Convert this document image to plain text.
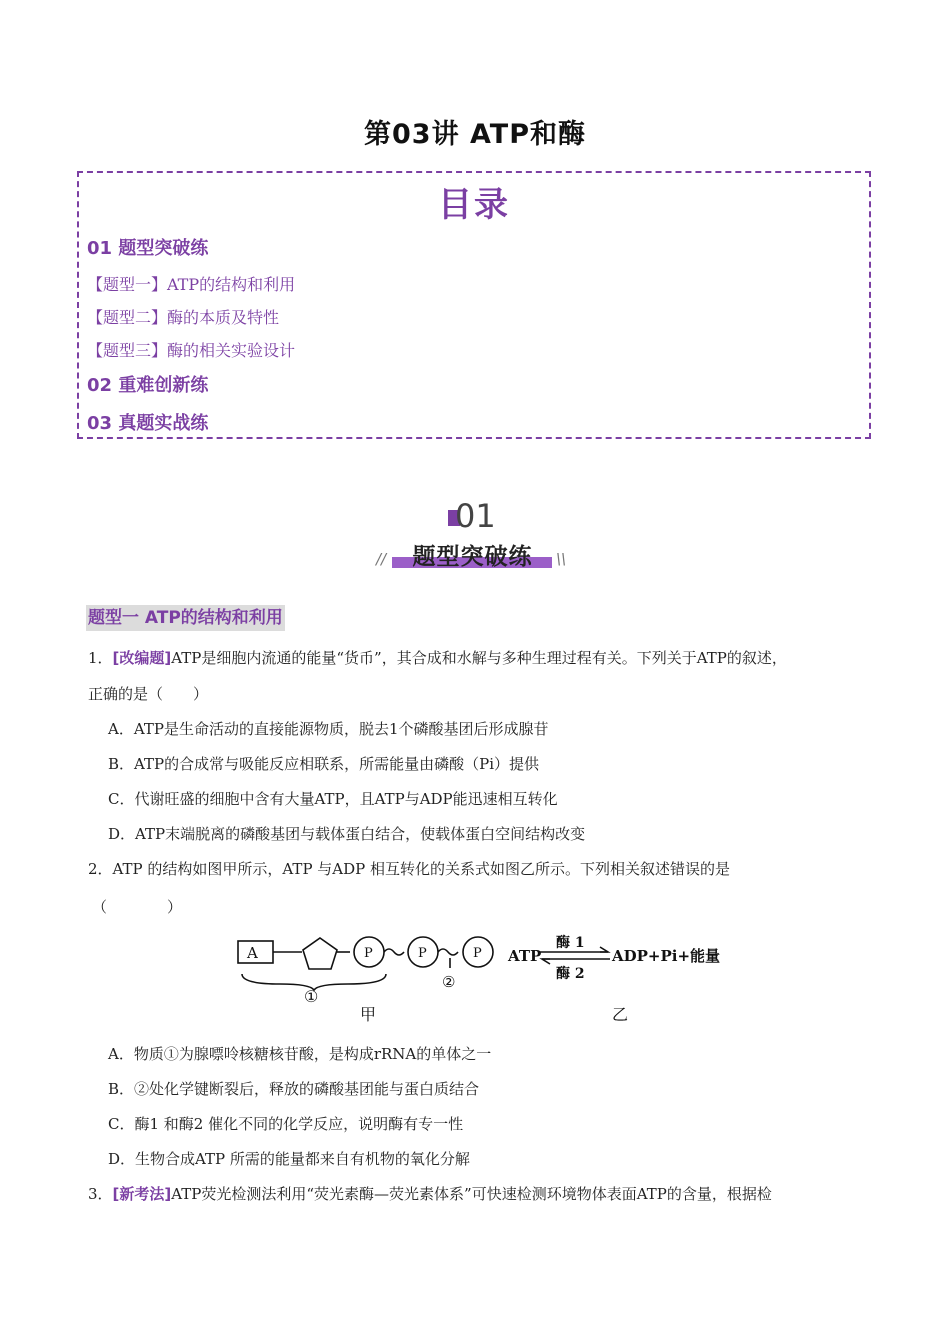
第03讲 ATP和酶
目录
01 题型突破练
【题型一】ATP的结构和利用
【题型二】酶的本质及特性
【题型三】酶的相关实验设计
02 重难创新练
03 真题实战练
01
//	题型突破练	\\
题型一 ATP的结构和利用
1．[改编题]ATP是细胞内流通的能量“货币”，其合成和水解与多种生理过程有关。下列关于ATP的叙述，
正确的是（　　）
A．ATP是生命活动的直接能源物质，脱去1个磷酸基团后形成腺苷
B．ATP的合成常与吸能反应相联系，所需能量由磷酸（Pi）提供
C．代谢旺盛的细胞中含有大量ATP，且ATP与ADP能迅速相互转化
D．ATP末端脱离的磷酸基团与载体蛋白结合，使载体蛋白空间结构改变
2．ATP 的结构如图甲所示，ATP 与ADP 相互转化的关系式如图乙所示。下列相关叙述错误的是
（　　　　）
A	P	P	P
①
②
甲	乙
ATP
酶 1
酶 2
ADP+Pi+能量
A．物质①为腺嘌呤核糖核苷酸，是构成rRNA的单体之一
B．②处化学键断裂后，释放的磷酸基团能与蛋白质结合
C．酶1 和酶2 催化不同的化学反应，说明酶有专一性
D．生物合成ATP 所需的能量都来自有机物的氧化分解
3．[新考法]ATP荧光检测法利用“荧光素酶—荧光素体系”可快速检测环境物体表面ATP的含量，根据检
